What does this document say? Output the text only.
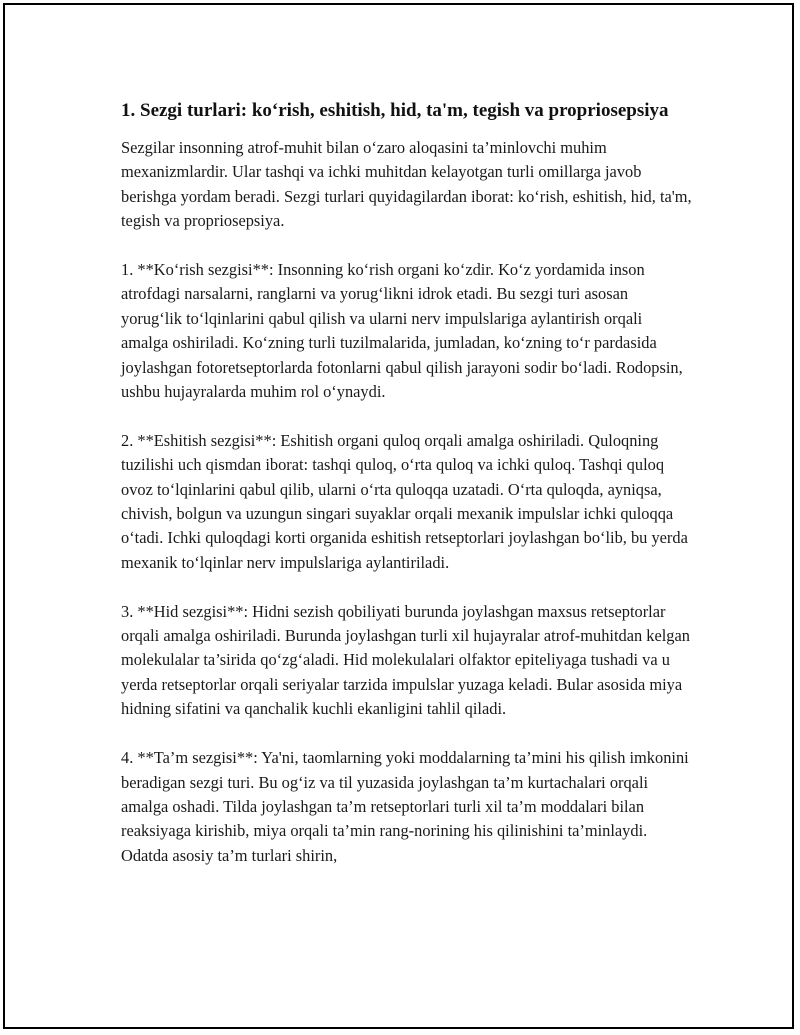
1. Sezgi turlari: ko‘rish, eshitish, hid, ta'm, tegish va propriosepsiya

Sezgilar insonning atrof-muhit bilan o‘zaro aloqasini ta’minlovchi muhim mexanizmlardir. Ular tashqi va ichki muhitdan kelayotgan turli omillarga javob berishga yordam beradi. Sezgi turlari quyidagilardan iborat: ko‘rish, eshitish, hid, ta'm, tegish va propriosepsiya.

1. **Ko‘rish sezgisi**: Insonning ko‘rish organi ko‘zdir. Ko‘z yordamida inson atrofdagi narsalarni, ranglarni va yorug‘likni idrok etadi. Bu sezgi turi asosan yorug‘lik to‘lqinlarini qabul qilish va ularni nerv impulslariga aylantirish orqali amalga oshiriladi. Ko‘zning turli tuzilmalarida, jumladan, ko‘zning to‘r pardasida joylashgan fotoretseptorlarda fotonlarni qabul qilish jarayoni sodir bo‘ladi. Rodopsin, ushbu hujayralarda muhim rol o‘ynaydi.

2. **Eshitish sezgisi**: Eshitish organi quloq orqali amalga oshiriladi. Quloqning tuzilishi uch qismdan iborat: tashqi quloq, o‘rta quloq va ichki quloq. Tashqi quloq ovoz to‘lqinlarini qabul qilib, ularni o‘rta quloqqa uzatadi. O‘rta quloqda, ayniqsa, chivish, bolgun va uzungun singari suyaklar orqali mexanik impulslar ichki quloqqa o‘tadi. Ichki quloqdagi korti organida eshitish retseptorlari joylashgan bo‘lib, bu yerda mexanik to‘lqinlar nerv impulslariga aylantiriladi.

3. **Hid sezgisi**: Hidni sezish qobiliyati burunda joylashgan maxsus retseptorlar orqali amalga oshiriladi. Burunda joylashgan turli xil hujayralar atrof-muhitdan kelgan molekulalar ta’sirida qo‘zg‘aladi. Hid molekulalari olfaktor epiteliyaga tushadi va u yerda retseptorlar orqali seriyalar tarzida impulslar yuzaga keladi. Bular asosida miya hidning sifatini va qanchalik kuchli ekanligini tahlil qiladi.

4. **Ta’m sezgisi**: Ya'ni, taomlarning yoki moddalarning ta’mini his qilish imkonini beradigan sezgi turi. Bu og‘iz va til yuzasida joylashgan ta’m kurtachalari orqali amalga oshadi. Tilda joylashgan ta’m retseptorlari turli xil ta’m moddalari bilan reaksiyaga kirishib, miya orqali ta’min rang-norining his qilinishini ta’minlaydi. Odatda asosiy ta’m turlari shirin,
